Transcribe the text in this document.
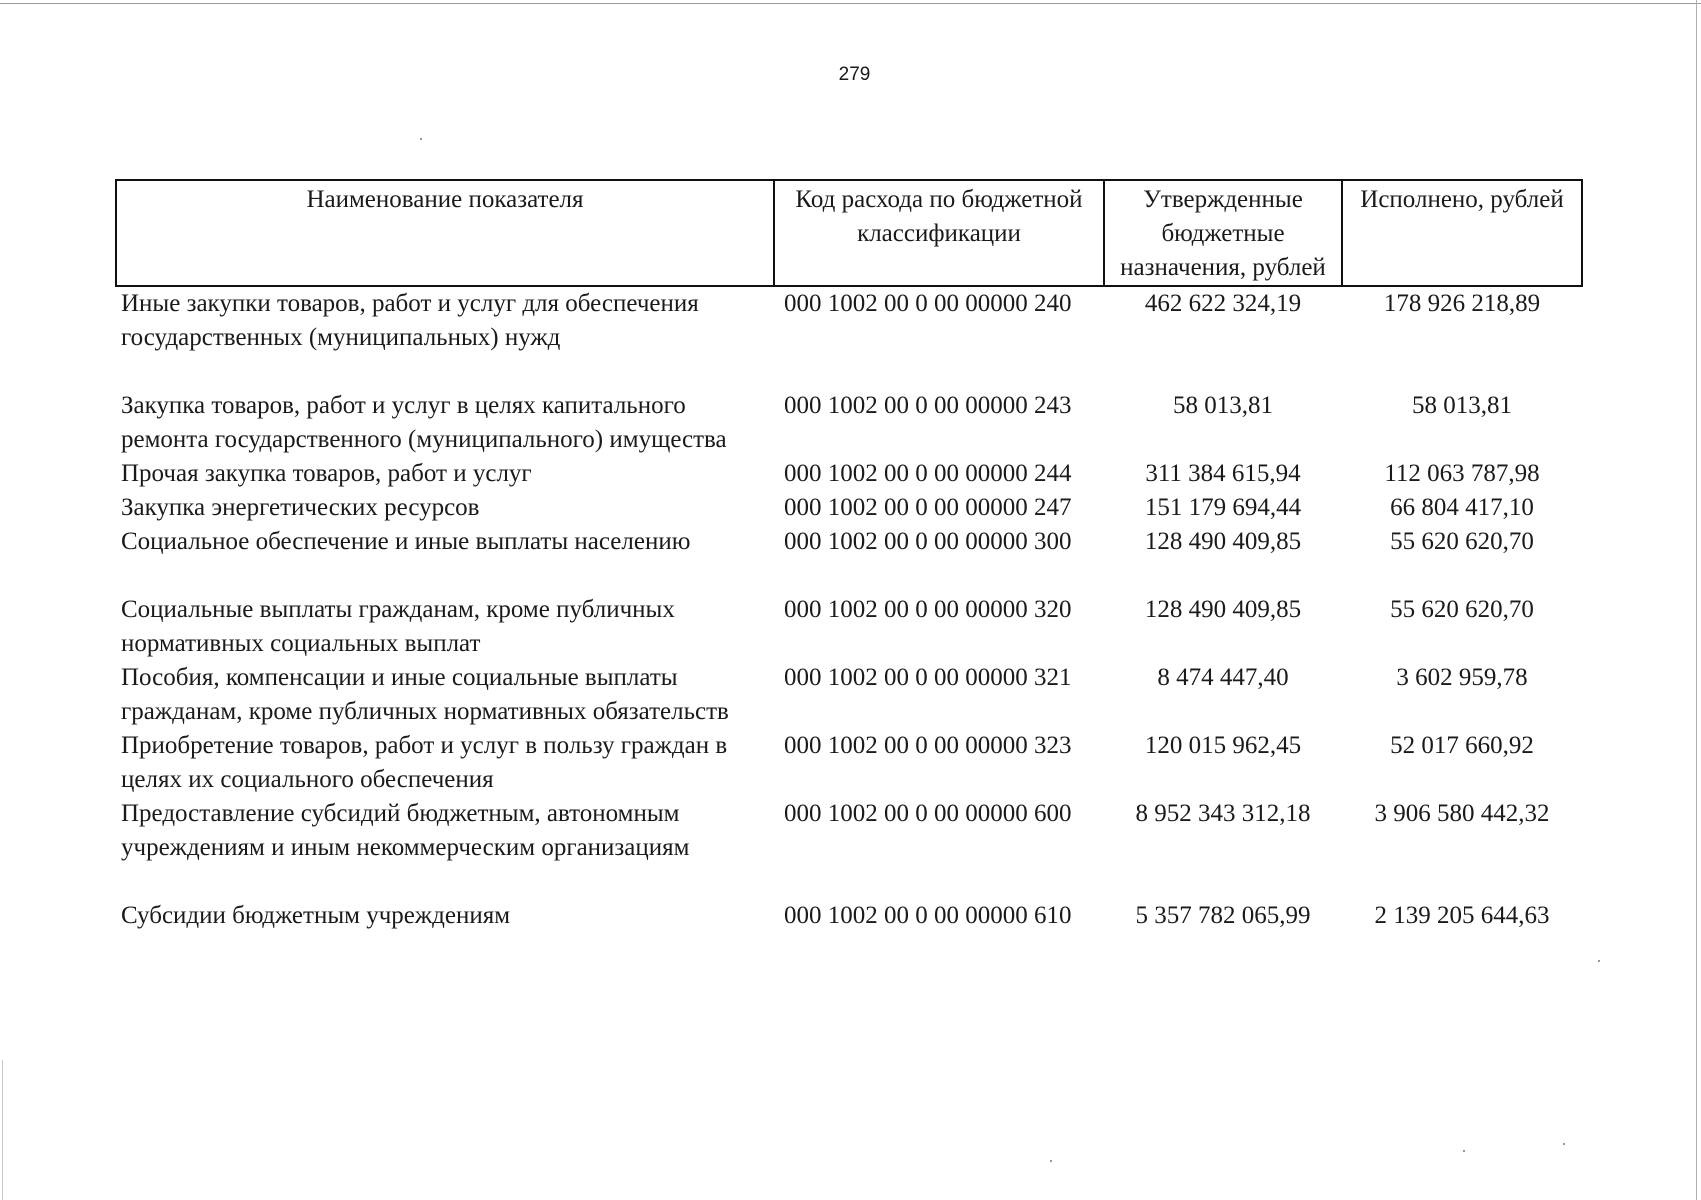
279
Наименование показателя	Код расхода по бюджетной классификации	Утвержденные бюджетные назначения, рублей	Исполнено, рублей
Иные закупки товаров, работ и услуг для обеспечения государственных (муниципальных) нужд	000 1002 00 0 00 00000 240	462 622 324,19	178 926 218,89
Закупка товаров, работ и услуг в целях капитального ремонта государственного (муниципального) имущества	000 1002 00 0 00 00000 243	58 013,81	58 013,81
Прочая закупка товаров, работ и услуг	000 1002 00 0 00 00000 244	311 384 615,94	112 063 787,98
Закупка энергетических ресурсов	000 1002 00 0 00 00000 247	151 179 694,44	66 804 417,10
Социальное обеспечение и иные выплаты населению	000 1002 00 0 00 00000 300	128 490 409,85	55 620 620,70
Социальные выплаты гражданам, кроме публичных нормативных социальных выплат	000 1002 00 0 00 00000 320	128 490 409,85	55 620 620,70
Пособия, компенсации и иные социальные выплаты гражданам, кроме публичных нормативных обязательств	000 1002 00 0 00 00000 321	8 474 447,40	3 602 959,78
Приобретение товаров, работ и услуг в пользу граждан в целях их социального обеспечения	000 1002 00 0 00 00000 323	120 015 962,45	52 017 660,92
Предоставление субсидий бюджетным, автономным учреждениям и иным некоммерческим организациям	000 1002 00 0 00 00000 600	8 952 343 312,18	3 906 580 442,32
Субсидии бюджетным учреждениям	000 1002 00 0 00 00000 610	5 357 782 065,99	2 139 205 644,63
